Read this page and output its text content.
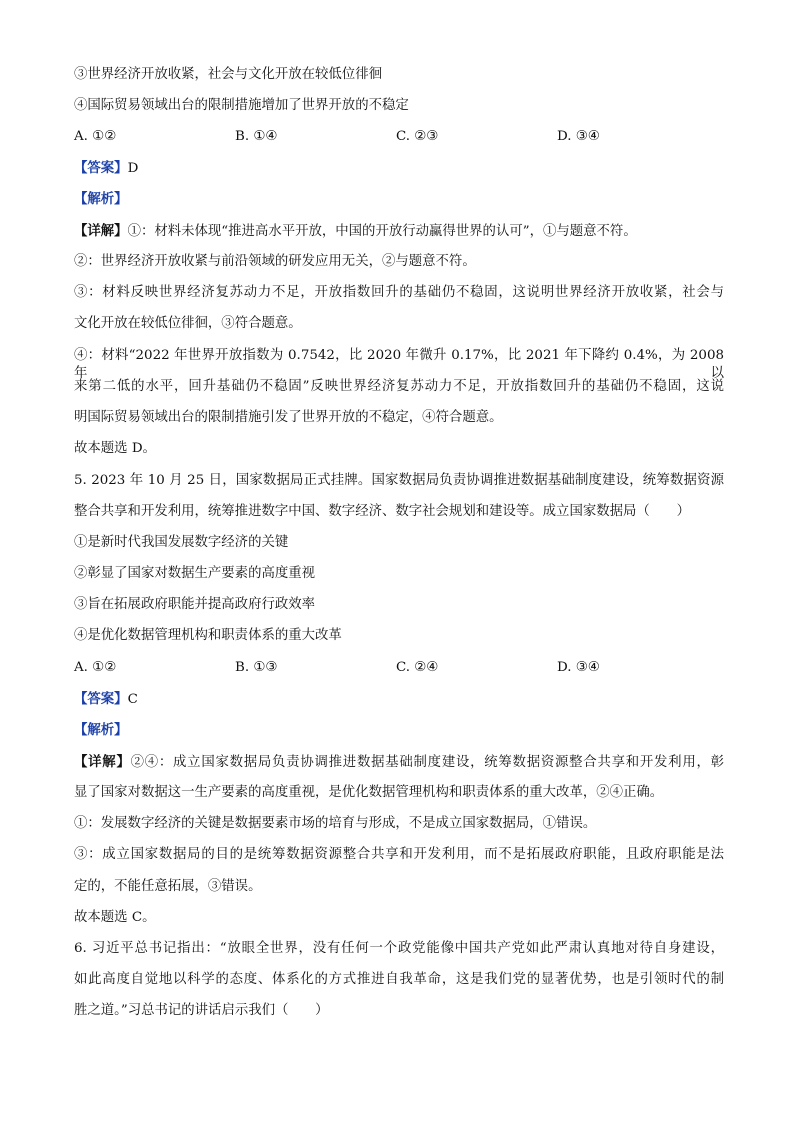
③世界经济开放收紧，社会与文化开放在较低位徘徊
④国际贸易领域出台的限制措施增加了世界开放的不稳定
A. ①②	B. ①④	C. ②③	D. ③④
【答案】D
【解析】
【详解】①：材料未体现“推进高水平开放，中国的开放行动赢得世界的认可”，①与题意不符。
②：世界经济开放收紧与前沿领域的研发应用无关，②与题意不符。
③：材料反映世界经济复苏动力不足，开放指数回升的基础仍不稳固，这说明世界经济开放收紧，社会与
文化开放在较低位徘徊，③符合题意。
④：材料“2022 年世界开放指数为 0.7542，比 2020 年微升 0.17%，比 2021 年下降约 0.4%，为 2008 年以
来第二低的水平，回升基础仍不稳固”反映世界经济复苏动力不足，开放指数回升的基础仍不稳固，这说
明国际贸易领域出台的限制措施引发了世界开放的不稳定，④符合题意。
故本题选 D。
5. 2023 年 10 月 25 日，国家数据局正式挂牌。国家数据局负责协调推进数据基础制度建设，统筹数据资源
整合共享和开发利用，统筹推进数字中国、数字经济、数字社会规划和建设等。成立国家数据局（　　）
①是新时代我国发展数字经济的关键
②彰显了国家对数据生产要素的高度重视
③旨在拓展政府职能并提高政府行政效率
④是优化数据管理机构和职责体系的重大改革
A. ①②	B. ①③	C. ②④	D. ③④
【答案】C
【解析】
【详解】②④：成立国家数据局负责协调推进数据基础制度建设，统筹数据资源整合共享和开发利用，彰
显了国家对数据这一生产要素的高度重视，是优化数据管理机构和职责体系的重大改革，②④正确。
①：发展数字经济的关键是数据要素市场的培育与形成，不是成立国家数据局，①错误。
③：成立国家数据局的目的是统筹数据资源整合共享和开发利用，而不是拓展政府职能，且政府职能是法
定的，不能任意拓展，③错误。
故本题选 C。
6. 习近平总书记指出：“放眼全世界，没有任何一个政党能像中国共产党如此严肃认真地对待自身建设，
如此高度自觉地以科学的态度、体系化的方式推进自我革命，这是我们党的显著优势，也是引领时代的制
胜之道。”习总书记的讲话启示我们（　　）
